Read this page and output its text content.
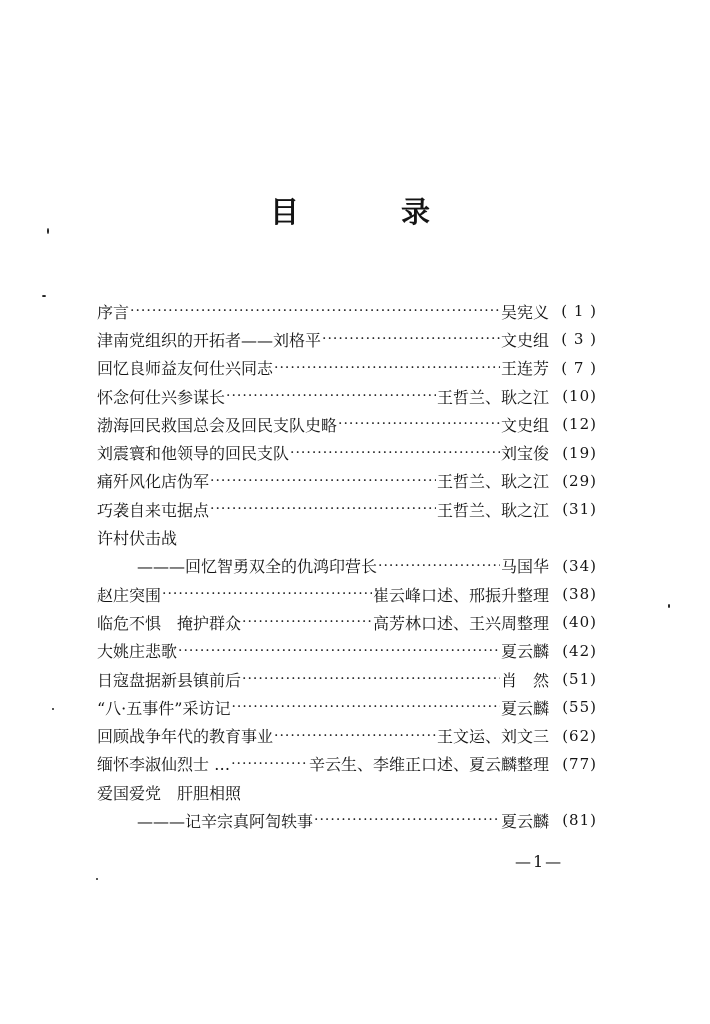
目	录
序言 ·····	吴宪义 ( 1 )
津南党组织的开拓者——刘格平 ·····	文史组 ( 3 )
回忆良师益友何仕兴同志 ·····	王连芳 ( 7 )
怀念何仕兴参谋长 ·····	王哲兰、耿之江 (10)
渤海回民救国总会及回民支队史略 ·····	文史组 (12)
刘震寰和他领导的回民支队 ·····	刘宝俊 (19)
痛歼风化店伪军 ·····	王哲兰、耿之江 (29)
巧袭自来屯据点 ·····	王哲兰、耿之江 (31)
许村伏击战
———回忆智勇双全的仇鸿印营长 ·····	马国华 (34)
赵庄突围 ·····	崔云峰口述、邢振升整理 (38)
临危不惧　掩护群众 ·····	高芳林口述、王兴周整理 (40)
大姚庄悲歌 ·····	夏云麟 (42)
日寇盘据新县镇前后 ·····	肖　然 (51)
“八·五事件”采访记 ·····	夏云麟 (55)
回顾战争年代的教育事业 ·····	王文运、刘文三 (62)
缅怀李淑仙烈士 … ·····	辛云生、李维正口述、夏云麟整理 (77)
爱国爱党　肝胆相照
———记辛宗真阿訇轶事 ·····	夏云麟 (81)
—1—
